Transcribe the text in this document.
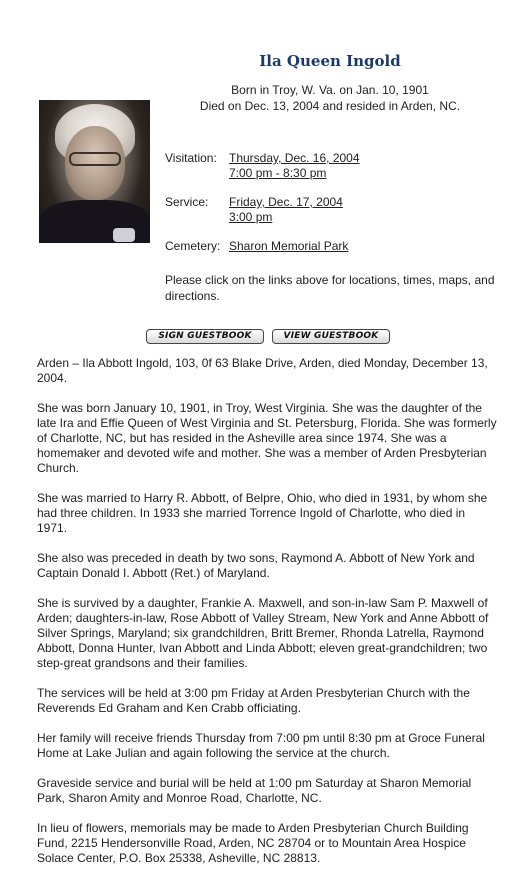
Ila Queen Ingold
Born in Troy, W. Va. on Jan. 10, 1901
Died on Dec. 13, 2004 and resided in Arden, NC.
Visitation: Thursday, Dec. 16, 2004
7:00 pm - 8:30 pm
Service: Friday, Dec. 17, 2004
3:00 pm
Cemetery: Sharon Memorial Park
Please click on the links above for locations, times, maps, and directions.
SIGN GUESTBOOK	VIEW GUESTBOOK

Arden – Ila Abbott Ingold, 103, 0f 63 Blake Drive, Arden, died Monday, December 13, 2004.

She was born January 10, 1901, in Troy, West Virginia. She was the daughter of the late Ira and Effie Queen of West Virginia and St. Petersburg, Florida. She was formerly of Charlotte, NC, but has resided in the Asheville area since 1974. She was a homemaker and devoted wife and mother. She was a member of Arden Presbyterian Church.

She was married to Harry R. Abbott, of Belpre, Ohio, who died in 1931, by whom she had three children. In 1933 she married Torrence Ingold of Charlotte, who died in 1971.

She also was preceded in death by two sons, Raymond A. Abbott of New York and Captain Donald I. Abbott (Ret.) of Maryland.

She is survived by a daughter, Frankie A. Maxwell, and son-in-law Sam P. Maxwell of Arden; daughters-in-law, Rose Abbott of Valley Stream, New York and Anne Abbott of Silver Springs, Maryland; six grandchildren, Britt Bremer, Rhonda Latrella, Raymond Abbott, Donna Hunter, Ivan Abbott and Linda Abbott; eleven great-grandchildren; two step-great grandsons and their families.

The services will be held at 3:00 pm Friday at Arden Presbyterian Church with the Reverends Ed Graham and Ken Crabb officiating.

Her family will receive friends Thursday from 7:00 pm until 8:30 pm at Groce Funeral Home at Lake Julian and again following the service at the church.

Graveside service and burial will be held at 1:00 pm Saturday at Sharon Memorial Park, Sharon Amity and Monroe Road, Charlotte, NC.

In lieu of flowers, memorials may be made to Arden Presbyterian Church Building Fund, 2215 Hendersonville Road, Arden, NC 28704 or to Mountain Area Hospice Solace Center, P.O. Box 25338, Asheville, NC 28813.
